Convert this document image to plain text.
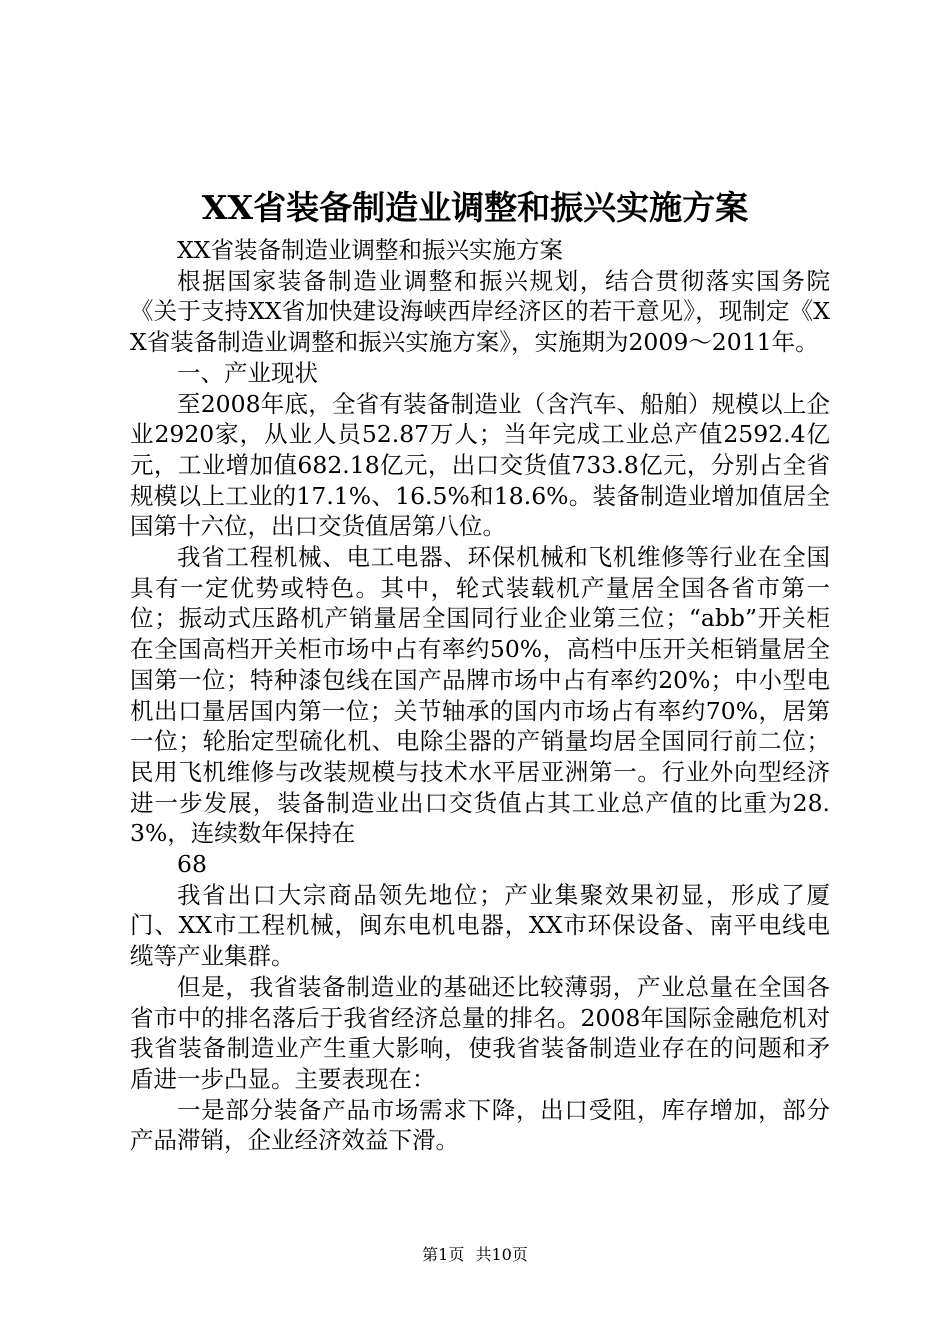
XX省装备制造业调整和振兴实施方案

XX省装备制造业调整和振兴实施方案

根据国家装备制造业调整和振兴规划，结合贯彻落实国务院《关于支持XX省加快建设海峡西岸经济区的若干意见》，现制定《XX省装备制造业调整和振兴实施方案》，实施期为2009～2011年。

一、产业现状

至2008年底，全省有装备制造业（含汽车、船舶）规模以上企业2920家，从业人员52.87万人；当年完成工业总产值2592.4亿元，工业增加值682.18亿元，出口交货值733.8亿元，分别占全省规模以上工业的17.1%、16.5%和18.6%。装备制造业增加值居全国第十六位，出口交货值居第八位。

我省工程机械、电工电器、环保机械和飞机维修等行业在全国具有一定优势或特色。其中，轮式装载机产量居全国各省市第一位；振动式压路机产销量居全国同行业企业第三位；“abb”开关柜在全国高档开关柜市场中占有率约50%，高档中压开关柜销量居全国第一位；特种漆包线在国产品牌市场中占有率约20%；中小型电机出口量居国内第一位；关节轴承的国内市场占有率约70%，居第一位；轮胎定型硫化机、电除尘器的产销量均居全国同行前二位；民用飞机维修与改装规模与技术水平居亚洲第一。行业外向型经济进一步发展，装备制造业出口交货值占其工业总产值的比重为28.3%，连续数年保持在

68

我省出口大宗商品领先地位；产业集聚效果初显，形成了厦门、XX市工程机械，闽东电机电器，XX市环保设备、南平电线电缆等产业集群。

但是，我省装备制造业的基础还比较薄弱，产业总量在全国各省市中的排名落后于我省经济总量的排名。2008年国际金融危机对我省装备制造业产生重大影响，使我省装备制造业存在的问题和矛盾进一步凸显。主要表现在：

一是部分装备产品市场需求下降，出口受阻，库存增加，部分产品滞销，企业经济效益下滑。

第1页 共10页
